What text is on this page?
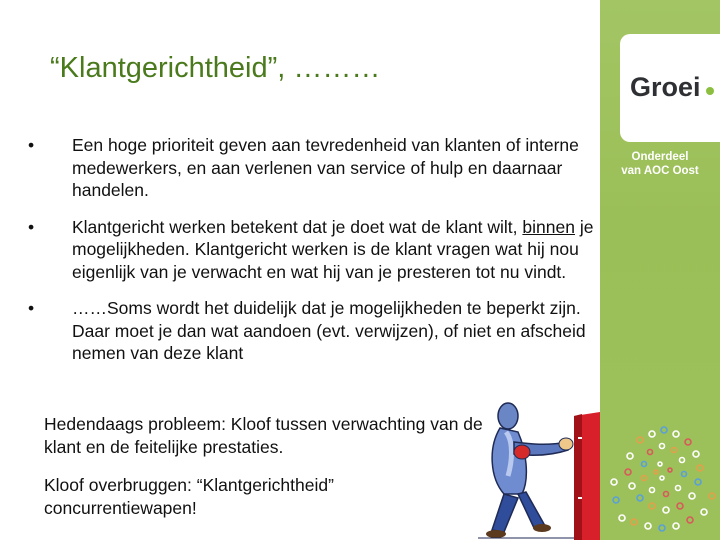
“Klantgerichtheid”, ………
• Een hoge prioriteit geven aan tevredenheid van klanten of interne medewerkers, en aan verlenen van service of hulp en daarnaar handelen.
• Klantgericht werken betekent dat je doet wat de klant wilt, binnen je mogelijkheden. Klantgericht werken is de klant vragen wat hij nou eigenlijk van je verwacht en wat hij van je presteren tot nu vindt.
• ……Soms wordt het duidelijk dat je mogelijkheden te beperkt zijn. Daar moet je dan wat aandoen (evt. verwijzen), of niet en afscheid nemen van deze klant
Hedendaags probleem: Kloof tussen verwachting van de klant en de feitelijke prestaties.
Kloof overbruggen: “Klantgerichtheid” concurrentiewapen!
Groei
Onderdeel
van AOC Oost
